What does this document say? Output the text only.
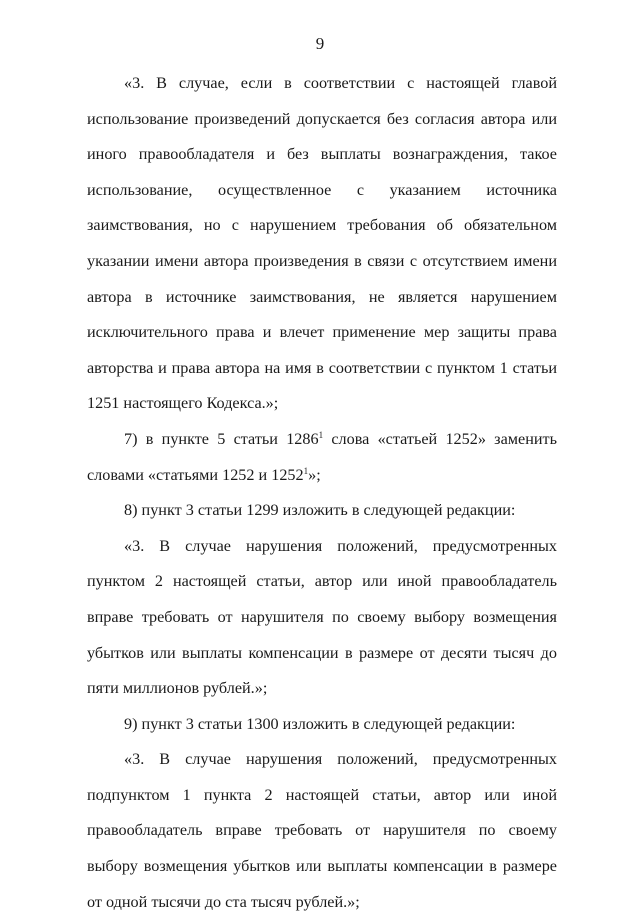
9

«3. В случае, если в соответствии с настоящей главой использование произведений допускается без согласия автора или иного правообладателя и без выплаты вознаграждения, такое использование, осуществленное с указанием источника заимствования, но с нарушением требования об обязательном указании имени автора произведения в связи с отсутствием имени автора в источнике заимствования, не является нарушением исключительного права и влечет применение мер защиты права авторства и права автора на имя в соответствии с пунктом 1 статьи 1251 настоящего Кодекса.»;

7) в пункте 5 статьи 1286$^1$ слова «статьей 1252» заменить словами «статьями 1252 и 1252$^1$»;

8) пункт 3 статьи 1299 изложить в следующей редакции:

«3. В случае нарушения положений, предусмотренных пунктом 2 настоящей статьи, автор или иной правообладатель вправе требовать от нарушителя по своему выбору возмещения убытков или выплаты компенсации в размере от десяти тысяч до пяти миллионов рублей.»;

9) пункт 3 статьи 1300 изложить в следующей редакции:

«3. В случае нарушения положений, предусмотренных подпунктом 1 пункта 2 настоящей статьи, автор или иной правообладатель вправе требовать от нарушителя по своему выбору возмещения убытков или выплаты компенсации в размере от одной тысячи до ста тысяч рублей.»;
